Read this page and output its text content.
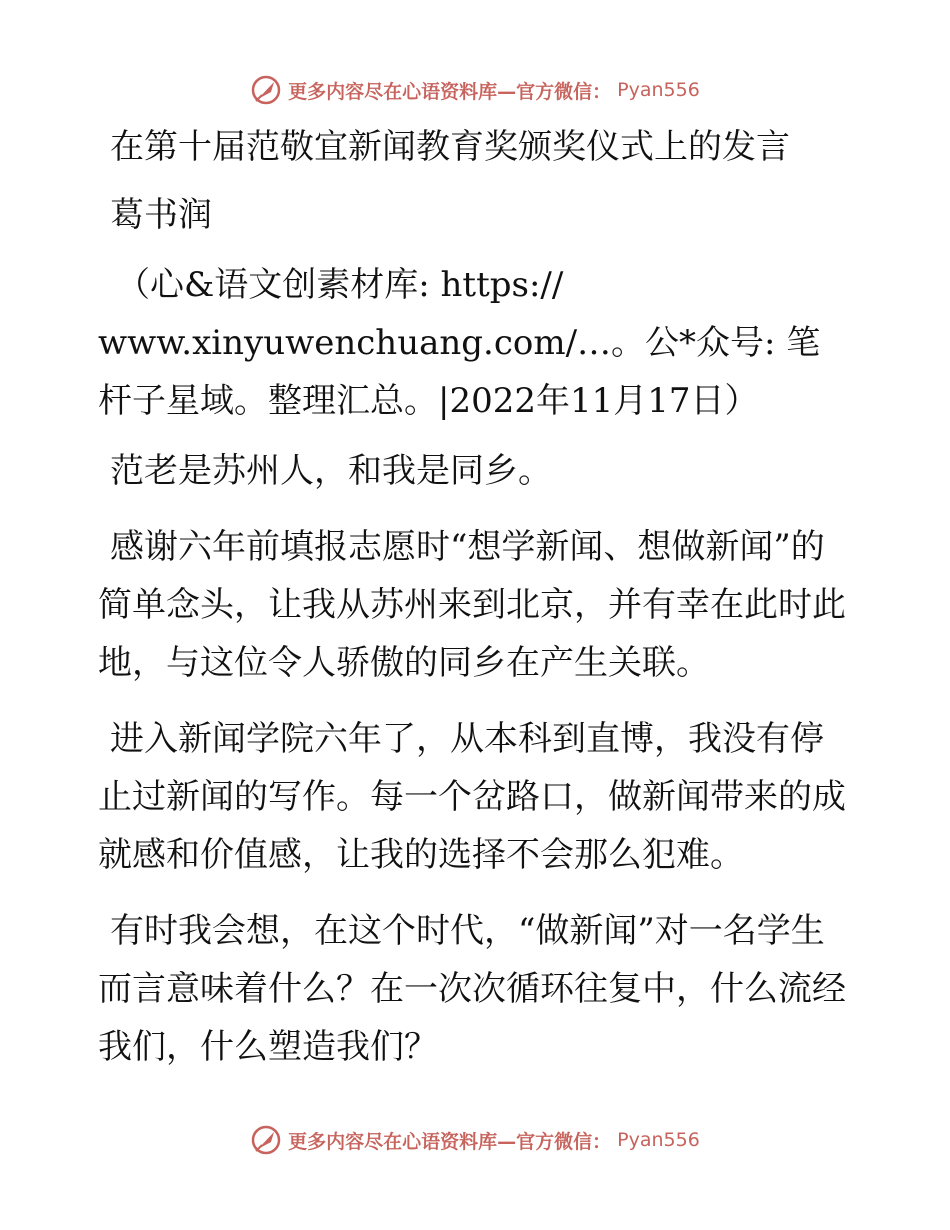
更多内容尽在心语资料库—官方微信： Pyan556

在第十届范敬宜新闻教育奖颁奖仪式上的发言

葛书润

（心&语文创素材库: https:// www.xinyuwenchuang.com/…。公*众号: 笔杆子星域。整理汇总。|2022年11月17日）

范老是苏州人，和我是同乡。

感谢六年前填报志愿时“想学新闻、想做新闻”的简单念头，让我从苏州来到北京，并有幸在此时此地，与这位令人骄傲的同乡在产生关联。

进入新闻学院六年了，从本科到直博，我没有停止过新闻的写作。每一个岔路口，做新闻带来的成就感和价值感，让我的选择不会那么犯难。

有时我会想，在这个时代，“做新闻”对一名学生而言意味着什么？在一次次循环往复中，什么流经我们，什么塑造我们？

更多内容尽在心语资料库—官方微信： Pyan556
